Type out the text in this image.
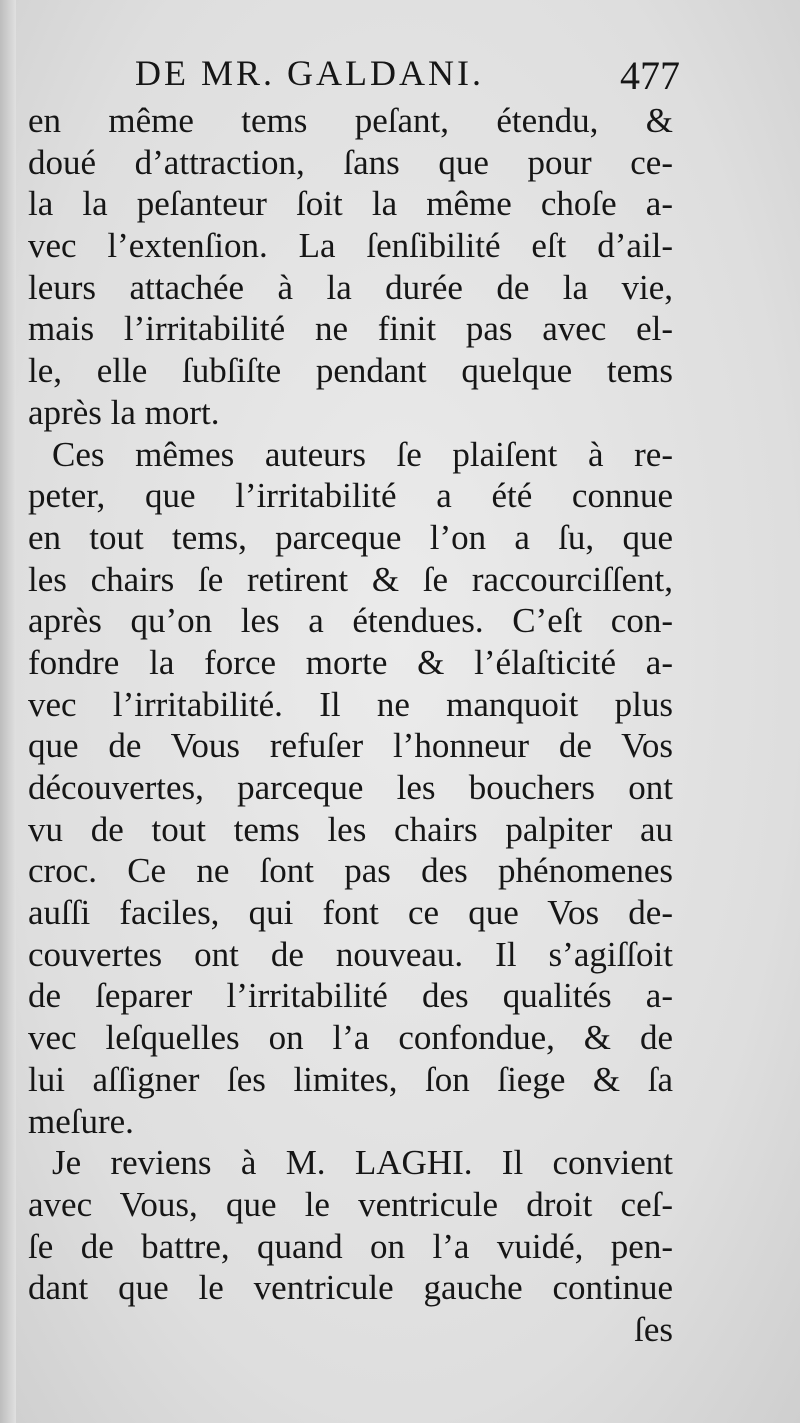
DE MR. GALDANI.	477
en même tems peſant, étendu, &
doué d’attraction, ſans que pour ce-
la la peſanteur ſoit la même choſe a-
vec l’extenſion. La ſenſibilité eſt d’ail-
leurs attachée à la durée de la vie,
mais l’irritabilité ne finit pas avec el-
le, elle ſubſiſte pendant quelque tems
après la mort.
Ces mêmes auteurs ſe plaiſent à re-
peter, que l’irritabilité a été connue
en tout tems, parceque l’on a ſu, que
les chairs ſe retirent & ſe raccourciſſent,
après qu’on les a étendues. C’eſt con-
fondre la force morte & l’élaſticité a-
vec l’irritabilité. Il ne manquoit plus
que de Vous refuſer l’honneur de Vos
découvertes, parceque les bouchers ont
vu de tout tems les chairs palpiter au
croc. Ce ne ſont pas des phénomenes
auſſi faciles, qui font ce que Vos de-
couvertes ont de nouveau. Il s’agiſſoit
de ſeparer l’irritabilité des qualités a-
vec leſquelles on l’a confondue, & de
lui aſſigner ſes limites, ſon ſiege & ſa
meſure.
Je reviens à M. LAGHI. Il convient
avec Vous, que le ventricule droit ceſ-
ſe de battre, quand on l’a vuidé, pen-
dant que le ventricule gauche continue
ſes
